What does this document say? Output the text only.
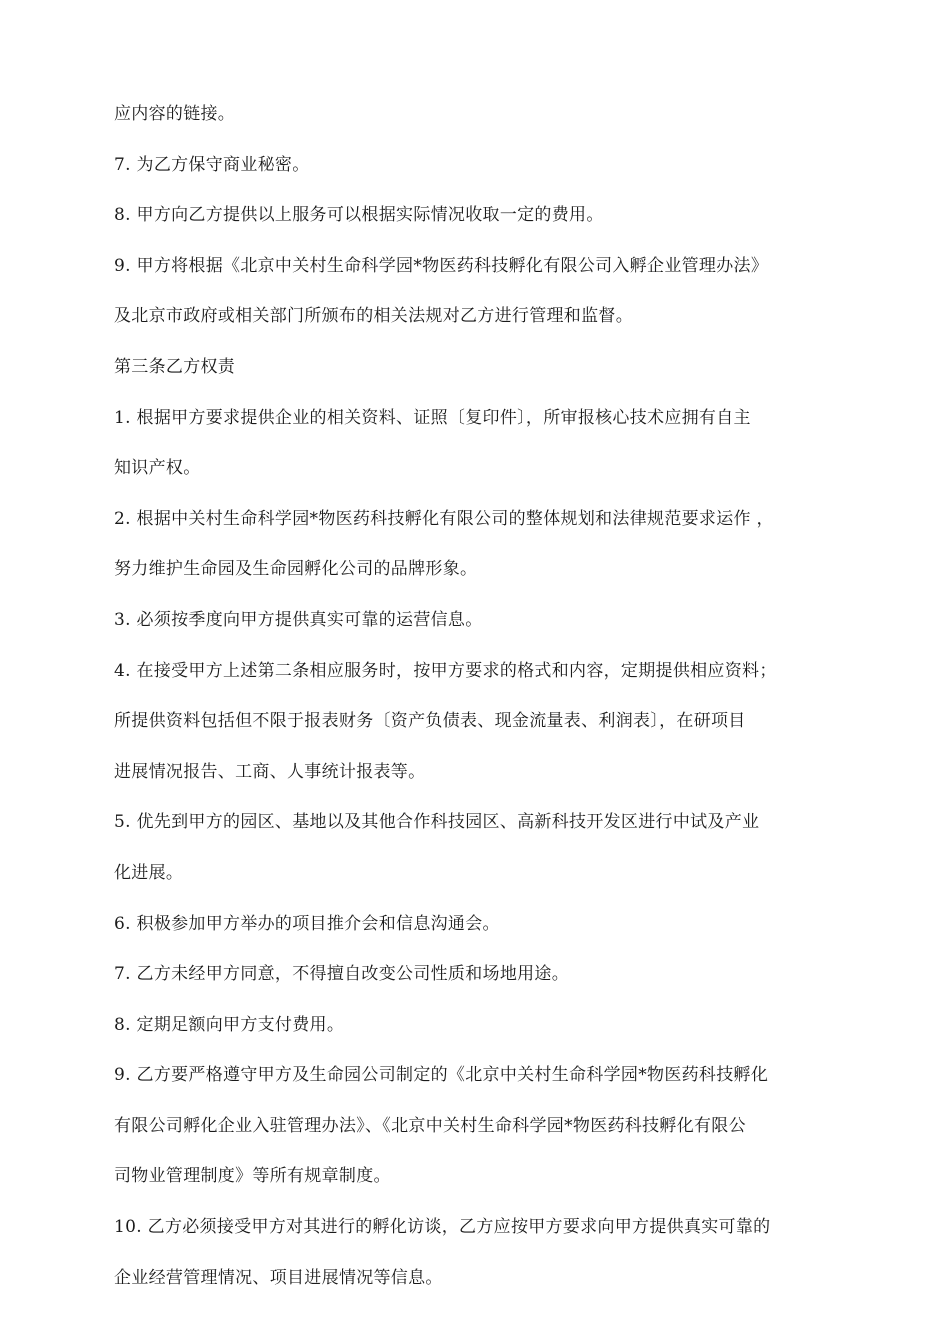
应内容的链接。
7. 为乙方保守商业秘密。
8. 甲方向乙方提供以上服务可以根据实际情况收取一定的费用。
9. 甲方将根据《北京中关村生命科学园*物医药科技孵化有限公司入孵企业管理办法》
及北京市政府或相关部门所颁布的相关法规对乙方进行管理和监督。
第三条乙方权责
1. 根据甲方要求提供企业的相关资料、证照〔复印件〕，所审报核心技术应拥有自主
知识产权。
2. 根据中关村生命科学园*物医药科技孵化有限公司的整体规划和法律规范要求运作 ，
努力维护生命园及生命园孵化公司的品牌形象。
3. 必须按季度向甲方提供真实可靠的运营信息。
4. 在接受甲方上述第二条相应服务时，按甲方要求的格式和内容，定期提供相应资料；
所提供资料包括但不限于报表财务〔资产负债表、现金流量表、利润表〕，在研项目
进展情况报告、工商、人事统计报表等。
5. 优先到甲方的园区、基地以及其他合作科技园区、高新科技开发区进行中试及产业
化进展。
6. 积极参加甲方举办的项目推介会和信息沟通会。
7. 乙方未经甲方同意，不得擅自改变公司性质和场地用途。
8. 定期足额向甲方支付费用。
9. 乙方要严格遵守甲方及生命园公司制定的《北京中关村生命科学园*物医药科技孵化
有限公司孵化企业入驻管理办法》、《北京中关村生命科学园*物医药科技孵化有限公
司物业管理制度》等所有规章制度。
10. 乙方必须接受甲方对其进行的孵化访谈，乙方应按甲方要求向甲方提供真实可靠的
企业经营管理情况、项目进展情况等信息。
